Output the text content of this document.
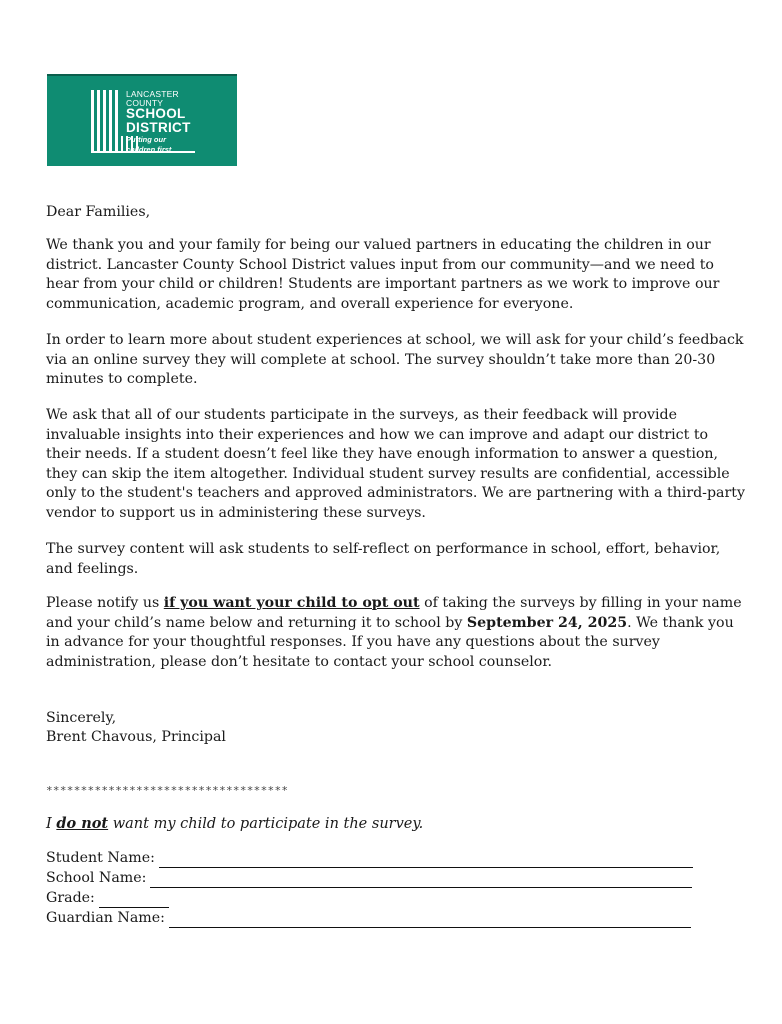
LANCASTER
COUNTY
SCHOOL
DISTRICT
Putting our
children first
Dear Families,

We thank you and your family for being our valued partners in educating the children in our district. Lancaster County School District values input from our community—and we need to hear from your child or children! Students are important partners as we work to improve our communication, academic program, and overall experience for everyone.

In order to learn more about student experiences at school, we will ask for your child’s feedback via an online survey they will complete at school. The survey shouldn’t take more than 20-30 minutes to complete.

We ask that all of our students participate in the surveys, as their feedback will provide invaluable insights into their experiences and how we can improve and adapt our district to their needs. If a student doesn’t feel like they have enough information to answer a question, they can skip the item altogether. Individual student survey results are confidential, accessible only to the student's teachers and approved administrators. We are partnering with a third-party vendor to support us in administering these surveys.

The survey content will ask students to self-reflect on performance in school, effort, behavior, and feelings.

Please notify us if you want your child to opt out of taking the surveys by filling in your name and your child’s name below and returning it to school by September 24, 2025. We thank you in advance for your thoughtful responses. If you have any questions about the survey administration, please don’t hesitate to contact your school counselor.

Sincerely,
Brent Chavous, Principal
***********************************
I do not want my child to participate in the survey.
Student Name:
School Name:
Grade:
Guardian Name:
